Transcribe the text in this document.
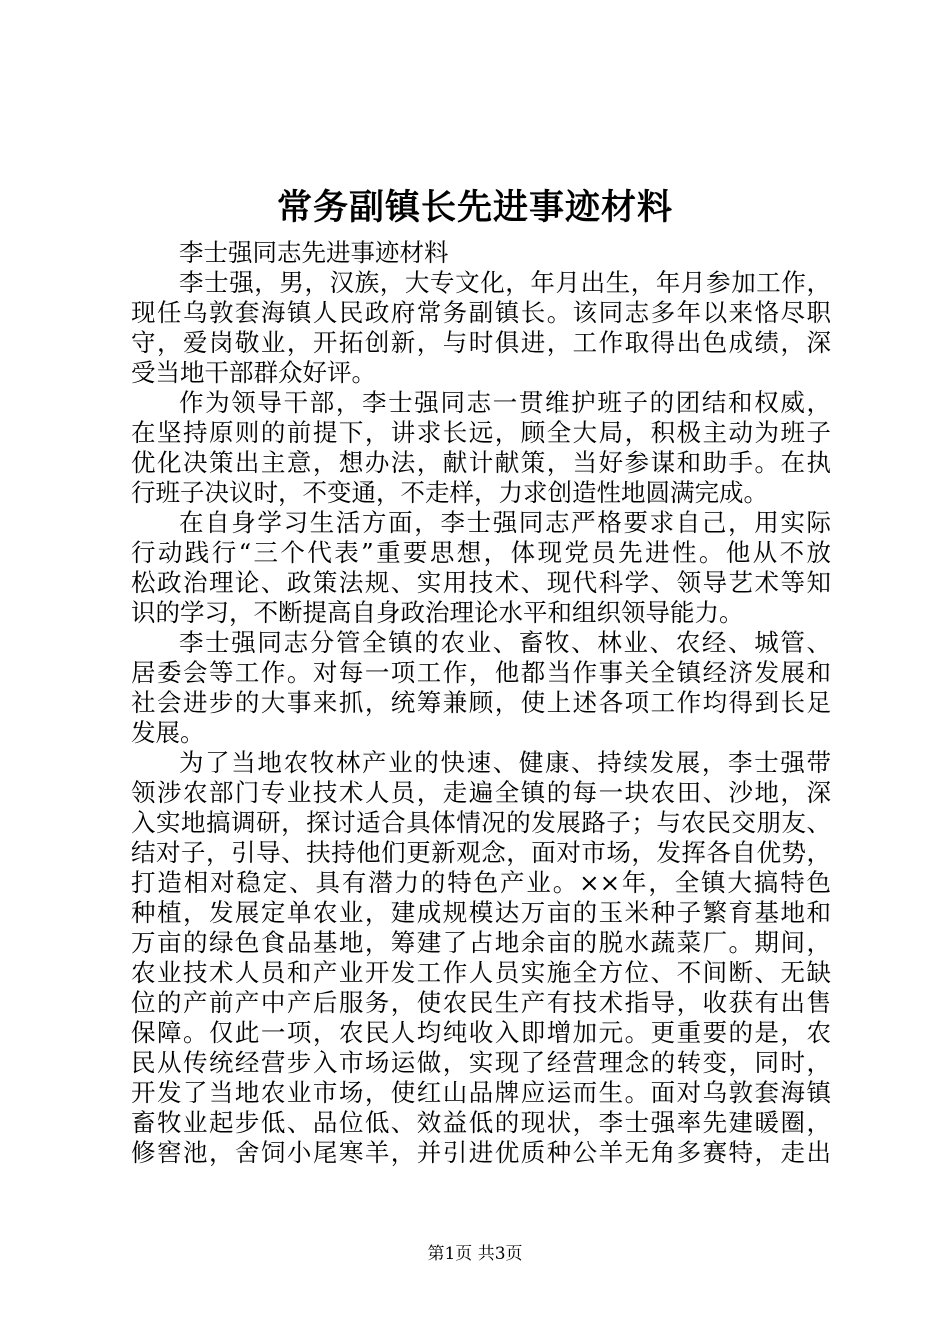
常务副镇长先进事迹材料
李士强同志先进事迹材料
李士强，男，汉族，大专文化，年月出生，年月参加工作，
现任乌敦套海镇人民政府常务副镇长。该同志多年以来恪尽职
守，爱岗敬业，开拓创新，与时俱进，工作取得出色成绩，深
受当地干部群众好评。
作为领导干部，李士强同志一贯维护班子的团结和权威，
在坚持原则的前提下，讲求长远，顾全大局，积极主动为班子
优化决策出主意，想办法，献计献策，当好参谋和助手。在执
行班子决议时，不变通，不走样，力求创造性地圆满完成。
在自身学习生活方面，李士强同志严格要求自己，用实际
行动践行“三个代表”重要思想，体现党员先进性。他从不放
松政治理论、政策法规、实用技术、现代科学、领导艺术等知
识的学习，不断提高自身政治理论水平和组织领导能力。
李士强同志分管全镇的农业、畜牧、林业、农经、城管、
居委会等工作。对每一项工作，他都当作事关全镇经济发展和
社会进步的大事来抓，统筹兼顾，使上述各项工作均得到长足
发展。
为了当地农牧林产业的快速、健康、持续发展，李士强带
领涉农部门专业技术人员，走遍全镇的每一块农田、沙地，深
入实地搞调研，探讨适合具体情况的发展路子；与农民交朋友、
结对子，引导、扶持他们更新观念，面对市场，发挥各自优势，
打造相对稳定、具有潜力的特色产业。××年，全镇大搞特色
种植，发展定单农业，建成规模达万亩的玉米种子繁育基地和
万亩的绿色食品基地，筹建了占地余亩的脱水蔬菜厂。期间，
农业技术人员和产业开发工作人员实施全方位、不间断、无缺
位的产前产中产后服务，使农民生产有技术指导，收获有出售
保障。仅此一项，农民人均纯收入即增加元。更重要的是，农
民从传统经营步入市场运做，实现了经营理念的转变，同时，
开发了当地农业市场，使红山品牌应运而生。面对乌敦套海镇
畜牧业起步低、品位低、效益低的现状，李士强率先建暖圈，
修窖池，舍饲小尾寒羊，并引进优质种公羊无角多赛特，走出
第1页 共3页
